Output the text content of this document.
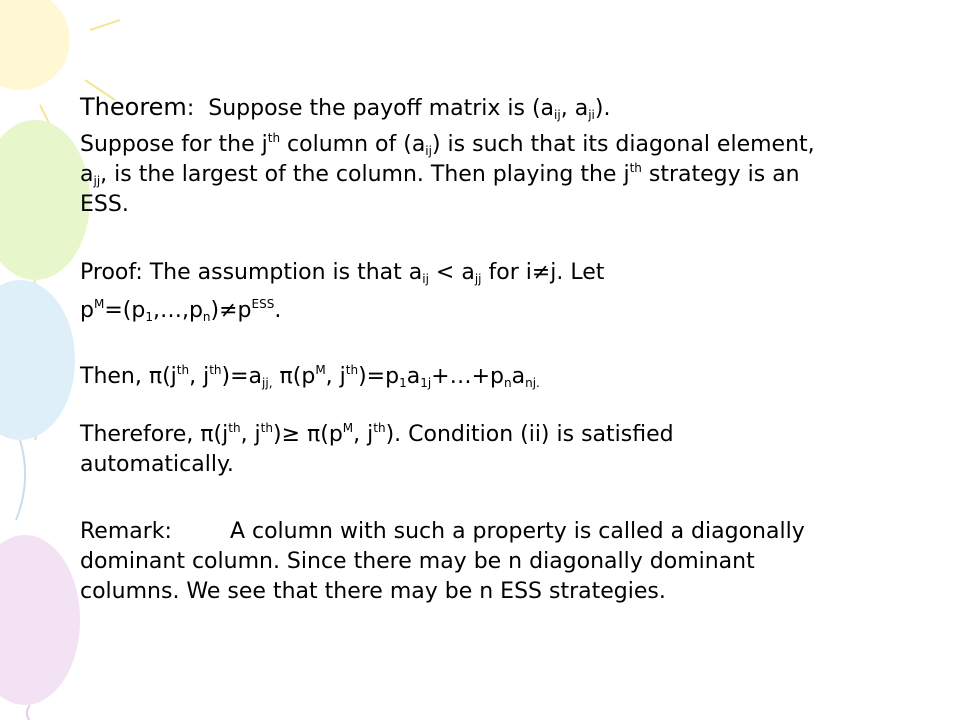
Theorem: Suppose the payoff matrix is ($a_{ij}$, $a_{ji}$).
Suppose for the $j^{th}$ column of $(a_{ij})$ is such that its diagonal element,
$a_{jj}$, is the largest of the column. Then playing the $j^{th}$ strategy is an
ESS.
Proof: The assumption is that $a_{ij} < a_{jj}$ for i≠j. Let
$p^M=(p_1,\dots,p_n)\ne p^{ESS}$.
Then, $\pi(j^{th}$, $j^{th})=a_{jj,}$ $\pi(p^M$, $j^{th})=p_1a_{1j}+\dots+p_na_{nj.}$
Therefore, $\pi(j^{th}$, $j^{th})\ge \pi(p^M$, $j^{th}$). Condition (ii) is satisfied
automatically.
Remark:	A column with such a property is called a diagonally
dominant column. Since there may be n diagonally dominant
columns. We see that there may be n ESS strategies.
